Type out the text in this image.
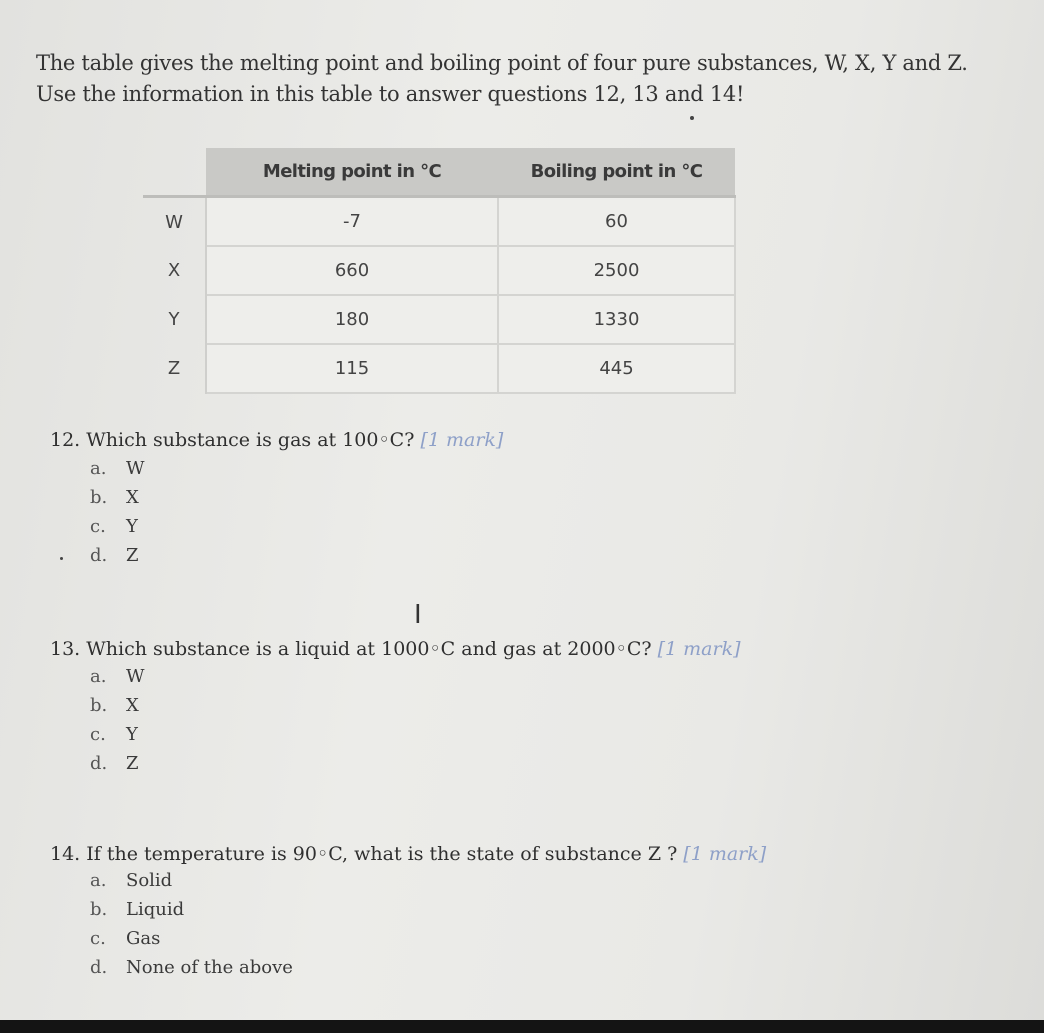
The table gives the melting point and boiling point of four pure substances, W, X, Y and Z.
Use the information in this table to answer questions 12, 13 and 14!
	Melting point in °C	Boiling point in °C
W	-7	60
X	660	2500
Y	180	1330
Z	115	445
12. Which substance is gas at 100◦C? [1 mark]
a. W
b. X
c. Y
d. Z
I
13. Which substance is a liquid at 1000◦C and gas at 2000◦C? [1 mark]
a. W
b. X
c. Y
d. Z
14. If the temperature is 90◦C, what is the state of substance Z ? [1 mark]
a. Solid
b. Liquid
c. Gas
d. None of the above
